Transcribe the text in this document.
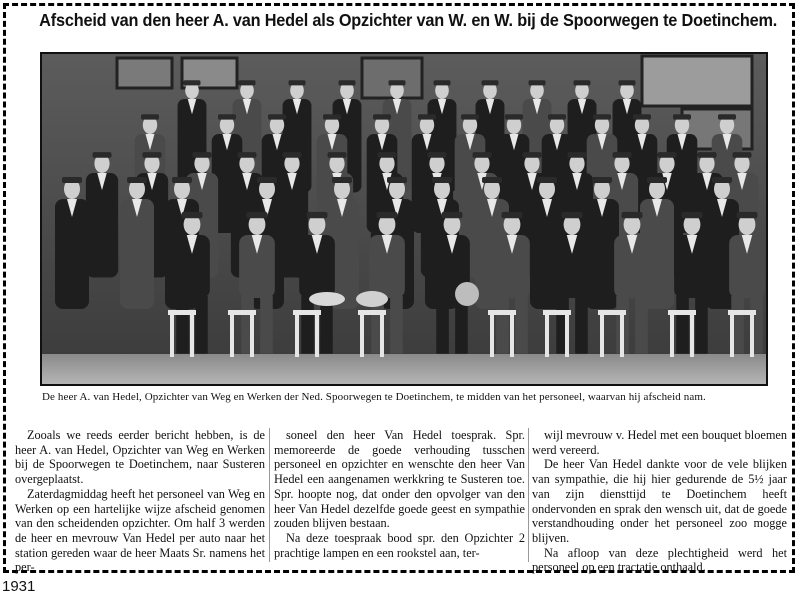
Afscheid van den heer A. van Hedel als Opzichter van W. en W. bij de Spoorwegen te Doetinchem.
De heer A. van Hedel, Opzichter van Weg en Werken der Ned. Spoorwegen te Doetinchem, te midden van het personeel, waarvan hij afscheid nam.

Zooals we reeds eerder bericht hebben, is de heer A. van Hedel, Opzichter van Weg en Werken bij de Spoorwegen te Doetinchem, naar Susteren overgeplaatst.

Zaterdagmiddag heeft het personeel van Weg en Werken op een hartelijke wijze afscheid genomen van den scheidenden opzichter. Om half 3 werden de heer en mevrouw Van Hedel per auto naar het station gereden waar de heer Maats Sr. namens het per-

soneel den heer Van Hedel toesprak. Spr. memoreerde de goede verhouding tusschen personeel en opzichter en wenschte den heer Van Hedel een aangenamen werkkring te Susteren toe. Spr. hoopte nog, dat onder den opvolger van den heer Van Hedel dezelfde goede geest en sympathie zouden blijven bestaan.

Na deze toespraak bood spr. den Opzichter 2 prachtige lampen en een rookstel aan, ter-

wijl mevrouw v. Hedel met een bouquet bloemen werd vereerd.

De heer Van Hedel dankte voor de vele blijken van sympathie, die hij hier gedurende de 5½ jaar van zijn diensttijd te Doetinchem heeft ondervonden en sprak den wensch uit, dat de goede verstandhouding onder het personeel zoo mogge blijven.

Na afloop van deze plechtigheid werd het personeel op een tractatie onthaald.

1931
